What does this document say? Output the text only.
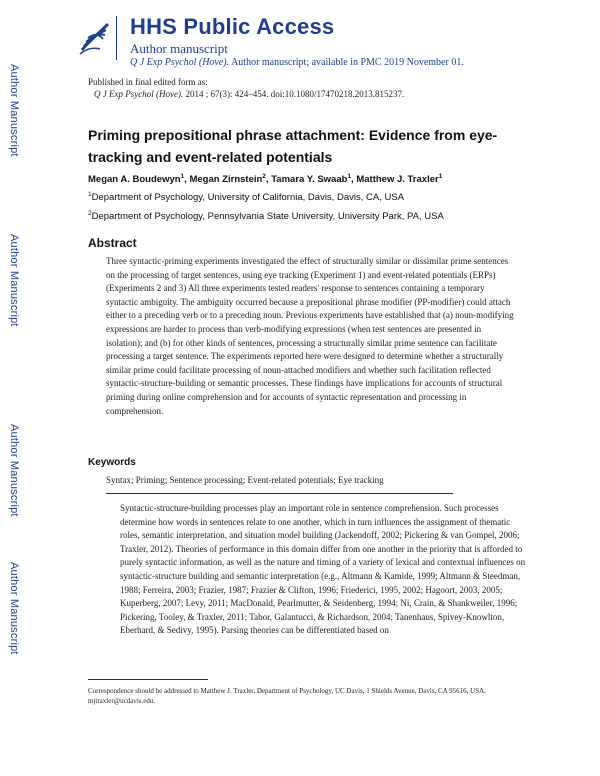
Author Manuscript
Author Manuscript
Author Manuscript
Author Manuscript
HHS Public Access
Author manuscript
Q J Exp Psychol (Hove). Author manuscript; available in PMC 2019 November 01.
Published in final edited form as:
Q J Exp Psychol (Hove). 2014 ; 67(3): 424–454. doi:10.1080/17470218.2013.815237.
Priming prepositional phrase attachment: Evidence from eye-tracking and event-related potentials
Megan A. Boudewyn$^1$, Megan Zirnstein$^2$, Tamara Y. Swaab$^1$, Matthew J. Traxler$^1$
$^1$Department of Psychology, University of California, Davis, Davis, CA, USA
$^2$Department of Psychology, Pennsylvania State University, University Park, PA, USA
Abstract
Three syntactic-priming experiments investigated the effect of structurally similar or dissimilar prime sentences on the processing of target sentences, using eye tracking (Experiment 1) and event-related potentials (ERPs) (Experiments 2 and 3) All three experiments tested readers' response to sentences containing a temporary syntactic ambiguity. The ambiguity occurred because a prepositional phrase modifier (PP-modifier) could attach either to a preceding verb or to a preceding noun. Previous experiments have established that (a) noun-modifying expressions are harder to process than verb-modifying expressions (when test sentences are presented in isolation); and (b) for other kinds of sentences, processing a structurally similar prime sentence can facilitate processing a target sentence. The experiments reported here were designed to determine whether a structurally similar prime could facilitate processing of noun-attached modifiers and whether such facilitation reflected syntactic-structure-building or semantic processes. These findings have implications for accounts of structural priming during online comprehension and for accounts of syntactic representation and processing in comprehension.
Keywords
Syntax; Priming; Sentence processing; Event-related potentials; Eye tracking
Syntactic-structure-building processes play an important role in sentence comprehension. Such processes determine how words in sentences relate to one another, which in turn influences the assignment of thematic roles, semantic interpretation, and situation model building (Jackendoff, 2002; Pickering & van Gompel, 2006; Traxler, 2012). Theories of performance in this domain differ from one another in the priority that is afforded to purely syntactic information, as well as the nature and timing of a variety of lexical and contextual influences on syntactic-structure building and semantic interpretation (e.g., Altmann & Kamide, 1999; Altmann & Steedman, 1988; Ferreira, 2003; Frazier, 1987; Frazier & Clifton, 1996; Friederici, 1995, 2002; Hagoort, 2003, 2005; Kuperberg, 2007; Levy, 2011; MacDonald, Pearlmutter, & Seidenberg, 1994; Ni, Crain, & Shankweiler, 1996; Pickering, Tooley, & Traxler, 2011; Tabor, Galantucci, & Richardson, 2004; Tanenhaus, Spivey-Knowlton, Eberhard, & Sedivy, 1995). Parsing theories can be differentiated based on
Correspondence should be addressed to Matthew J. Traxler, Department of Psychology, UC Davis, 1 Shields Avenue, Davis, CA 95616, USA. mjtraxler@ucdavis.edu.
